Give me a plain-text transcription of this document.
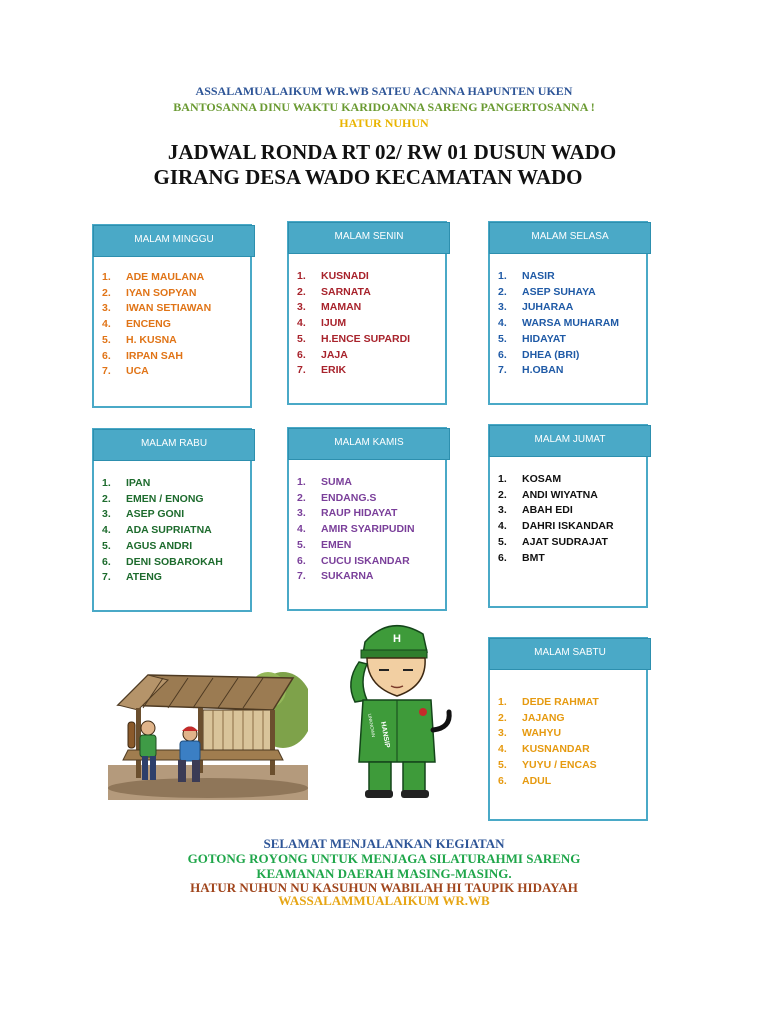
ASSALAMUALAIKUM WR.WB SATEU ACANNA HAPUNTEN UKEN
BANTOSANNA DINU WAKTU KARIDOANNA SARENG PANGERTOSANNA !
HATUR NUHUN
JADWAL RONDA RT 02/ RW 01 DUSUN WADO
GIRANG DESA WADO KECAMATAN WADO
MALAM MINGGU
1. ADE MAULANA
2. IYAN SOPYAN
3. IWAN SETIAWAN
4. ENCENG
5. H. KUSNA
6. IRPAN SAH
7. UCA
MALAM SENIN
1. KUSNADI
2. SARNATA
3. MAMAN
4. IJUM
5. H.ENCE SUPARDI
6. JAJA
7. ERIK
MALAM SELASA
1. NASIR
2. ASEP SUHAYA
3. JUHARAA
4. WARSA MUHARAM
5. HIDAYAT
6. DHEA (BRI)
7. H.OBAN
MALAM RABU
1. IPAN
2. EMEN / ENONG
3. ASEP GONI
4. ADA SUPRIATNA
5. AGUS ANDRI
6. DENI SOBAROKAH
7. ATENG
MALAM KAMIS
1. SUMA
2. ENDANG.S
3. RAUP HIDAYAT
4. AMIR SYARIPUDIN
5. EMEN
6. CUCU ISKANDAR
7. SUKARNA
MALAM JUMAT
1. KOSAM
2. ANDI WIYATNA
3. ABAH EDI
4. DAHRI ISKANDAR
5. AJAT SUDRAJAT
6. BMT
MALAM SABTU
1. DEDE RAHMAT
2. JAJANG
3. WAHYU
4. KUSNANDAR
5. YUYU / ENCAS
6. ADUL
H
HANSIP
UNKNOWN
SELAMAT MENJALANKAN KEGIATAN
GOTONG ROYONG UNTUK MENJAGA SILATURAHMI SARENG
KEAMANAN DAERAH MASING-MASING.
HATUR NUHUN NU KASUHUN WABILAH HI TAUPIK HIDAYAH
WASSALAMMUALAIKUM WR.WB
